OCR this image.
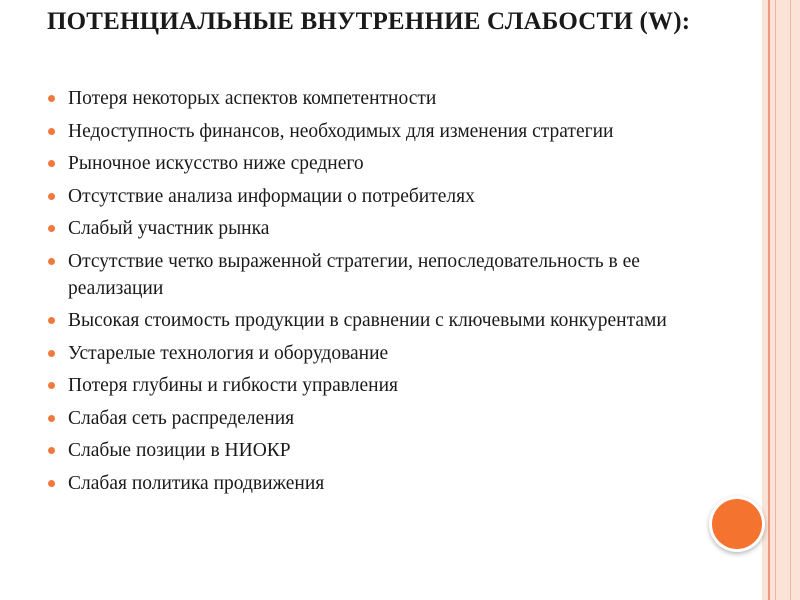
ПОТЕНЦИАЛЬНЫЕ ВНУТРЕННИЕ СЛАБОСТИ (W):
Потеря некоторых аспектов компетентности
Недоступность финансов, необходимых для изменения стратегии
Рыночное искусство ниже среднего
Отсутствие анализа информации о потребителях
Слабый участник рынка
Отсутствие четко выраженной стратегии, непоследовательность в ее реализации
Высокая стоимость продукции в сравнении с ключевыми конкурентами
Устарелые технология и оборудование
Потеря глубины и гибкости управления
Слабая сеть распределения
Слабые позиции в НИОКР
Слабая политика продвижения
